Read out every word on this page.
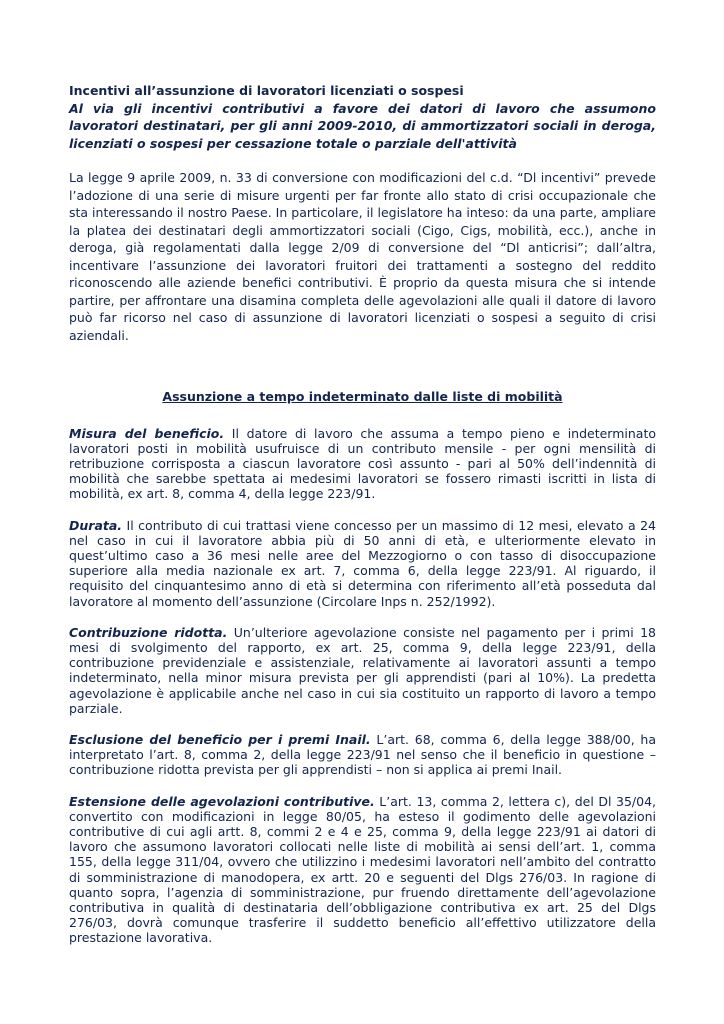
Incentivi all’assunzione di lavoratori licenziati o sospesi
Al via gli incentivi contributivi a favore dei datori di lavoro che assumono lavoratori destinatari, per gli anni 2009-2010, di ammortizzatori sociali in deroga, licenziati o sospesi per cessazione totale o parziale dell'attività

La legge 9 aprile 2009, n. 33 di conversione con modificazioni del c.d. “Dl incentivi” prevede l’adozione di una serie di misure urgenti per far fronte allo stato di crisi occupazionale che sta interessando il nostro Paese. In particolare, il legislatore ha inteso: da una parte, ampliare la platea dei destinatari degli ammortizzatori sociali (Cigo, Cigs, mobilità, ecc.), anche in deroga, già regolamentati dalla legge 2/09 di conversione del “Dl anticrisi”; dall’altra, incentivare l’assunzione dei lavoratori fruitori dei trattamenti a sostegno del reddito riconoscendo alle aziende benefici contributivi. È proprio da questa misura che si intende partire, per affrontare una disamina completa delle agevolazioni alle quali il datore di lavoro può far ricorso nel caso di assunzione di lavoratori licenziati o sospesi a seguito di crisi aziendali.

Assunzione a tempo indeterminato dalle liste di mobilità

Misura del beneficio. Il datore di lavoro che assuma a tempo pieno e indeterminato lavoratori posti in mobilità usufruisce di un contributo mensile - per ogni mensilità di retribuzione corrisposta a ciascun lavoratore così assunto - pari al 50% dell’indennità di mobilità che sarebbe spettata ai medesimi lavoratori se fossero rimasti iscritti in lista di mobilità, ex art. 8, comma 4, della legge 223/91.

Durata. Il contributo di cui trattasi viene concesso per un massimo di 12 mesi, elevato a 24 nel caso in cui il lavoratore abbia più di 50 anni di età, e ulteriormente elevato in quest’ultimo caso a 36 mesi nelle aree del Mezzogiorno o con tasso di disoccupazione superiore alla media nazionale ex art. 7, comma 6, della legge 223/91. Al riguardo, il requisito del cinquantesimo anno di età si determina con riferimento all’età posseduta dal lavoratore al momento dell’assunzione (Circolare Inps n. 252/1992).

Contribuzione ridotta. Un’ulteriore agevolazione consiste nel pagamento per i primi 18 mesi di svolgimento del rapporto, ex art. 25, comma 9, della legge 223/91, della contribuzione previdenziale e assistenziale, relativamente ai lavoratori assunti a tempo indeterminato, nella minor misura prevista per gli apprendisti (pari al 10%). La predetta agevolazione è applicabile anche nel caso in cui sia costituito un rapporto di lavoro a tempo parziale.

Esclusione del beneficio per i premi Inail. L’art. 68, comma 6, della legge 388/00, ha interpretato l’art. 8, comma 2, della legge 223/91 nel senso che il beneficio in questione – contribuzione ridotta prevista per gli apprendisti – non si applica ai premi Inail.

Estensione delle agevolazioni contributive. L’art. 13, comma 2, lettera c), del Dl 35/04, convertito con modificazioni in legge 80/05, ha esteso il godimento delle agevolazioni contributive di cui agli artt. 8, commi 2 e 4 e 25, comma 9, della legge 223/91 ai datori di lavoro che assumono lavoratori collocati nelle liste di mobilità ai sensi dell’art. 1, comma 155, della legge 311/04, ovvero che utilizzino i medesimi lavoratori nell’ambito del contratto di somministrazione di manodopera, ex artt. 20 e seguenti del Dlgs 276/03. In ragione di quanto sopra, l’agenzia di somministrazione, pur fruendo direttamente dell’agevolazione contributiva in qualità di destinataria dell’obbligazione contributiva ex art. 25 del Dlgs 276/03, dovrà comunque trasferire il suddetto beneficio all’effettivo utilizzatore della prestazione lavorativa.
